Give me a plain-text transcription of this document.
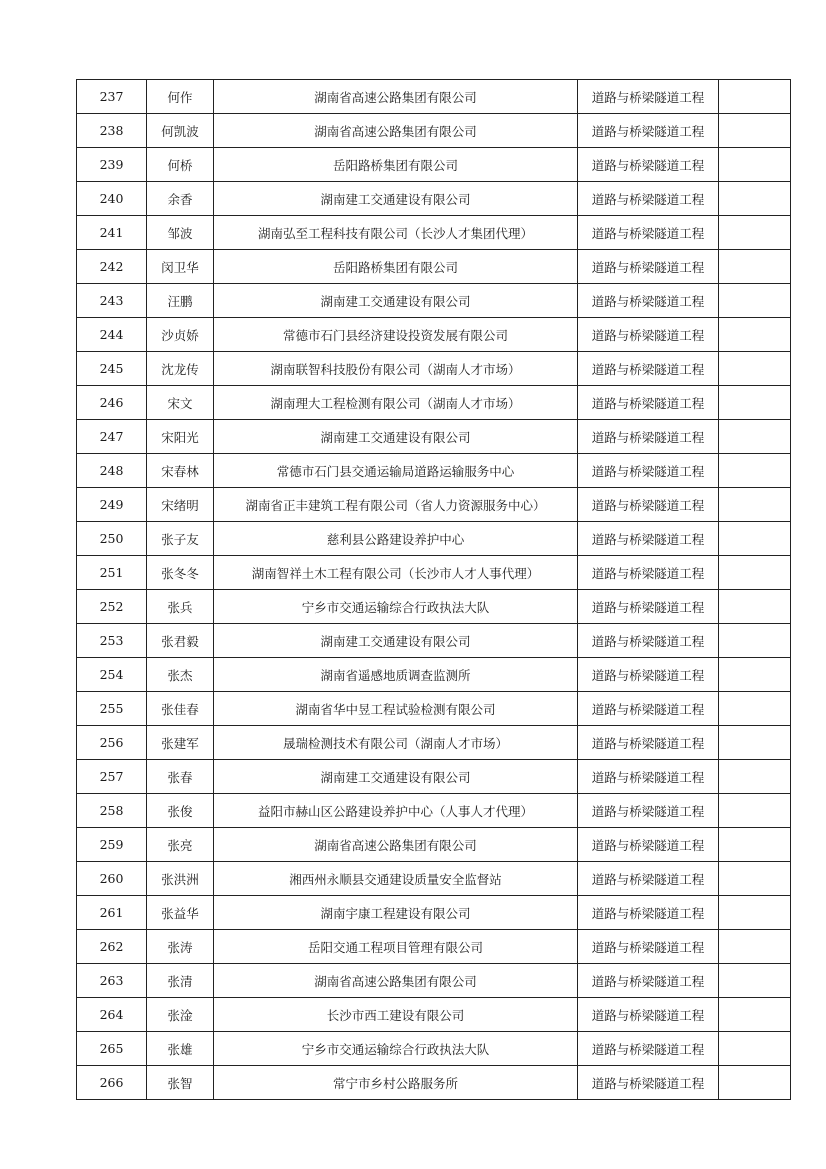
237	何作	湖南省高速公路集团有限公司	道路与桥梁隧道工程	
238	何凯波	湖南省高速公路集团有限公司	道路与桥梁隧道工程	
239	何桥	岳阳路桥集团有限公司	道路与桥梁隧道工程	
240	余香	湖南建工交通建设有限公司	道路与桥梁隧道工程	
241	邹波	湖南弘至工程科技有限公司（长沙人才集团代理）	道路与桥梁隧道工程	
242	闵卫华	岳阳路桥集团有限公司	道路与桥梁隧道工程	
243	汪鹏	湖南建工交通建设有限公司	道路与桥梁隧道工程	
244	沙贞娇	常德市石门县经济建设投资发展有限公司	道路与桥梁隧道工程	
245	沈龙传	湖南联智科技股份有限公司（湖南人才市场）	道路与桥梁隧道工程	
246	宋文	湖南理大工程检测有限公司（湖南人才市场）	道路与桥梁隧道工程	
247	宋阳光	湖南建工交通建设有限公司	道路与桥梁隧道工程	
248	宋春林	常德市石门县交通运输局道路运输服务中心	道路与桥梁隧道工程	
249	宋绪明	湖南省正丰建筑工程有限公司（省人力资源服务中心）	道路与桥梁隧道工程	
250	张子友	慈利县公路建设养护中心	道路与桥梁隧道工程	
251	张冬冬	湖南智祥土木工程有限公司（长沙市人才人事代理）	道路与桥梁隧道工程	
252	张兵	宁乡市交通运输综合行政执法大队	道路与桥梁隧道工程	
253	张君毅	湖南建工交通建设有限公司	道路与桥梁隧道工程	
254	张杰	湖南省遥感地质调查监测所	道路与桥梁隧道工程	
255	张佳春	湖南省华中昱工程试验检测有限公司	道路与桥梁隧道工程	
256	张建军	晟瑞检测技术有限公司（湖南人才市场）	道路与桥梁隧道工程	
257	张春	湖南建工交通建设有限公司	道路与桥梁隧道工程	
258	张俊	益阳市赫山区公路建设养护中心（人事人才代理）	道路与桥梁隧道工程	
259	张亮	湖南省高速公路集团有限公司	道路与桥梁隧道工程	
260	张洪洲	湘西州永顺县交通建设质量安全监督站	道路与桥梁隧道工程	
261	张益华	湖南宇康工程建设有限公司	道路与桥梁隧道工程	
262	张涛	岳阳交通工程项目管理有限公司	道路与桥梁隧道工程	
263	张清	湖南省高速公路集团有限公司	道路与桥梁隧道工程	
264	张淦	长沙市西工建设有限公司	道路与桥梁隧道工程	
265	张雄	宁乡市交通运输综合行政执法大队	道路与桥梁隧道工程	
266	张智	常宁市乡村公路服务所	道路与桥梁隧道工程	
